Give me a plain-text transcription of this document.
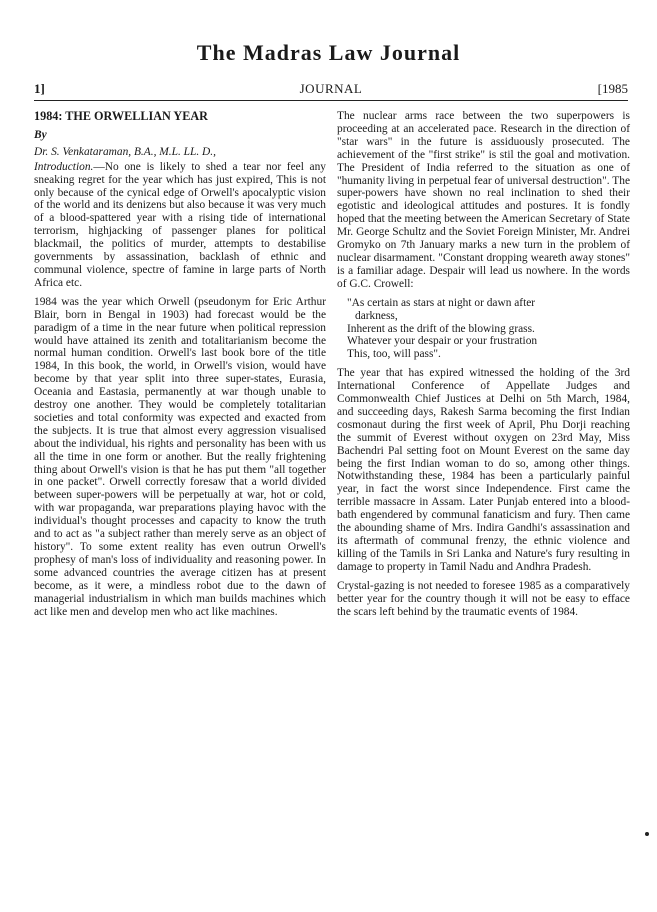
The Madras Law Journal
1]	JOURNAL	[1985
1984: THE ORWELLIAN YEAR
By
Dr. S. Venkataraman, B.A., M.L. LL. D.,

Introduction.—No one is likely to shed a tear nor feel any sneaking regret for the year which has just expired, This is not only because of the cynical edge of Orwell's apocalyptic vision of the world and its denizens but also because it was very much of a blood-spattered year with a rising tide of international terrorism, highjacking of passenger planes for political blackmail, the politics of murder, attempts to destabilise governments by assassination, backlash of ethnic and communal violence, spectre of famine in large parts of North Africa etc.

1984 was the year which Orwell (pseudonym for Eric Arthur Blair, born in Bengal in 1903) had forecast would be the paradigm of a time in the near future when political repression would have attained its zenith and totalitarianism become the normal human condition. Orwell's last book bore of the title 1984, In this book, the world, in Orwell's vision, would have become by that year split into three super-states, Eurasia, Oceania and Eastasia, permanently at war though unable to destroy one another. They would be completely totalitarian societies and total conformity was expected and exacted from the subjects. It is true that almost every aggression visualised about the individual, his rights and personality has been with us all the time in one form or another. But the really frightening thing about Orwell's vision is that he has put them "all together in one packet". Orwell correctly foresaw that a world divided between super-powers will be perpetually at war, hot or cold, with war propaganda, war preparations playing havoc with the individual's thought processes and capacity to know the truth and to act as "a subject rather than merely serve as an object of history". To some extent reality has even outrun Orwell's prophesy of man's loss of individuality and reasoning power. In some advanced countries the average citizen has at present become, as it were, a mindless robot due to the dawn of managerial industrialism in which man builds machines which act like men and develop men who act like machines.

The nuclear arms race between the two superpowers is proceeding at an accelerated pace. Research in the direction of "star wars" in the future is assiduously prosecuted. The achievement of the "first strike" is stil the goal and motivation. The President of India referred to the situation as one of "humanity living in perpetual fear of universal destruction". The super-powers have shown no real inclination to shed their egotistic and ideological attitudes and postures. It is fondly hoped that the meeting between the American Secretary of State Mr. George Schultz and the Soviet Foreign Minister, Mr. Andrei Gromyko on 7th January marks a new turn in the problem of nuclear disarmament. "Constant dropping weareth away stones" is a familiar adage. Despair will lead us nowhere. In the words of G.C. Crowell:

"As certain as stars at night or dawn after
darkness,
Inherent as the drift of the blowing grass.
Whatever your despair or your frustration
This, too, will pass".

The year that has expired witnessed the holding of the 3rd International Conference of Appellate Judges and Commonwealth Chief Justices at Delhi on 5th March, 1984, and succeeding days, Rakesh Sarma becoming the first Indian cosmonaut during the first week of April, Phu Dorji reaching the summit of Everest without oxygen on 23rd May, Miss Bachendri Pal setting foot on Mount Everest on the same day being the first Indian woman to do so, among other things. Notwithstanding these, 1984 has been a particularly painful year, in fact the worst since Independence. First came the terrible massacre in Assam. Later Punjab entered into a blood-bath engendered by communal fanaticism and fury. Then came the abounding shame of Mrs. Indira Gandhi's assassination and its aftermath of communal frenzy, the ethnic violence and killing of the Tamils in Sri Lanka and Nature's fury resulting in damage to property in Tamil Nadu and Andhra Pradesh.

Crystal-gazing is not needed to foresee 1985 as a comparatively better year for the country though it will not be easy to efface the scars left behind by the traumatic events of 1984.
